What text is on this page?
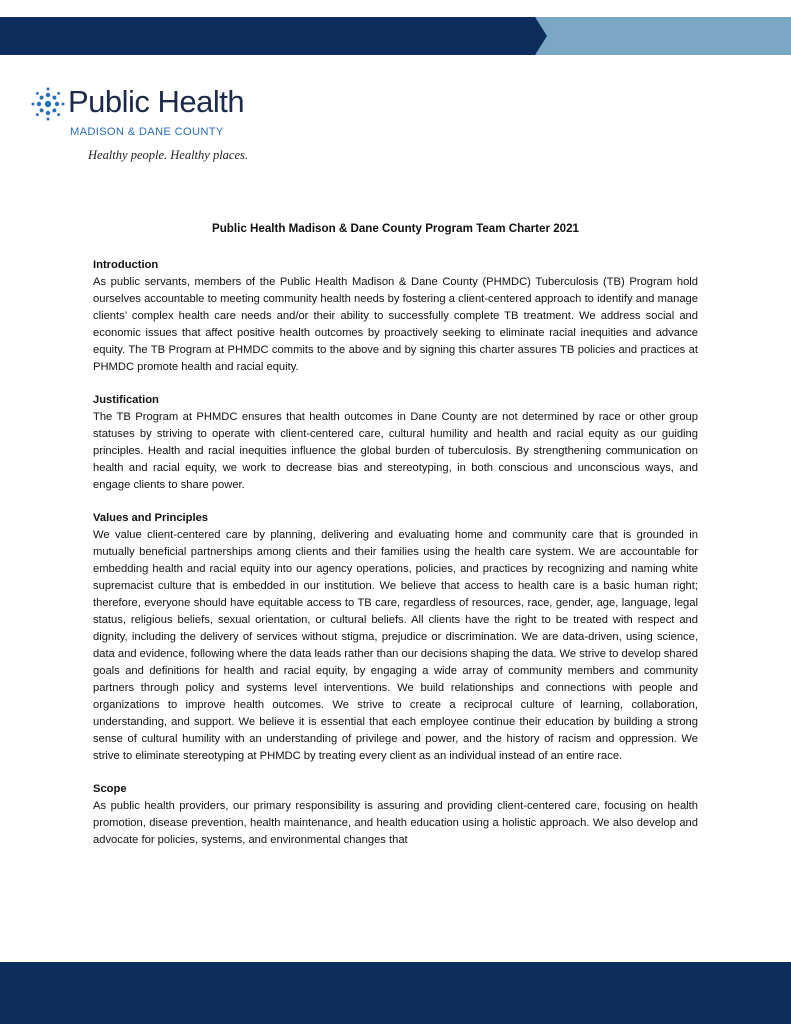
Public Health
MADISON & DANE COUNTY
Healthy people. Healthy places.
Public Health Madison & Dane County Program Team Charter 2021
Introduction

As public servants, members of the Public Health Madison & Dane County (PHMDC) Tuberculosis (TB) Program hold ourselves accountable to meeting community health needs by fostering a client-centered approach to identify and manage clients’ complex health care needs and/or their ability to successfully complete TB treatment. We address social and economic issues that affect positive health outcomes by proactively seeking to eliminate racial inequities and advance equity. The TB Program at PHMDC commits to the above and by signing this charter assures TB policies and practices at PHMDC promote health and racial equity.

Justification

The TB Program at PHMDC ensures that health outcomes in Dane County are not determined by race or other group statuses by striving to operate with client-centered care, cultural humility and health and racial equity as our guiding principles. Health and racial inequities influence the global burden of tuberculosis. By strengthening communication on health and racial equity, we work to decrease bias and stereotyping, in both conscious and unconscious ways, and engage clients to share power.

Values and Principles

We value client-centered care by planning, delivering and evaluating home and community care that is grounded in mutually beneficial partnerships among clients and their families using the health care system. We are accountable for embedding health and racial equity into our agency operations, policies, and practices by recognizing and naming white supremacist culture that is embedded in our institution. We believe that access to health care is a basic human right; therefore, everyone should have equitable access to TB care, regardless of resources, race, gender, age, language, legal status, religious beliefs, sexual orientation, or cultural beliefs. All clients have the right to be treated with respect and dignity, including the delivery of services without stigma, prejudice or discrimination. We are data-driven, using science, data and evidence, following where the data leads rather than our decisions shaping the data. We strive to develop shared goals and definitions for health and racial equity, by engaging a wide array of community members and community partners through policy and systems level interventions. We build relationships and connections with people and organizations to improve health outcomes. We strive to create a reciprocal culture of learning, collaboration, understanding, and support. We believe it is essential that each employee continue their education by building a strong sense of cultural humility with an understanding of privilege and power, and the history of racism and oppression. We strive to eliminate stereotyping at PHMDC by treating every client as an individual instead of an entire race.

Scope

As public health providers, our primary responsibility is assuring and providing client-centered care, focusing on health promotion, disease prevention, health maintenance, and health education using a holistic approach. We also develop and advocate for policies, systems, and environmental changes that
